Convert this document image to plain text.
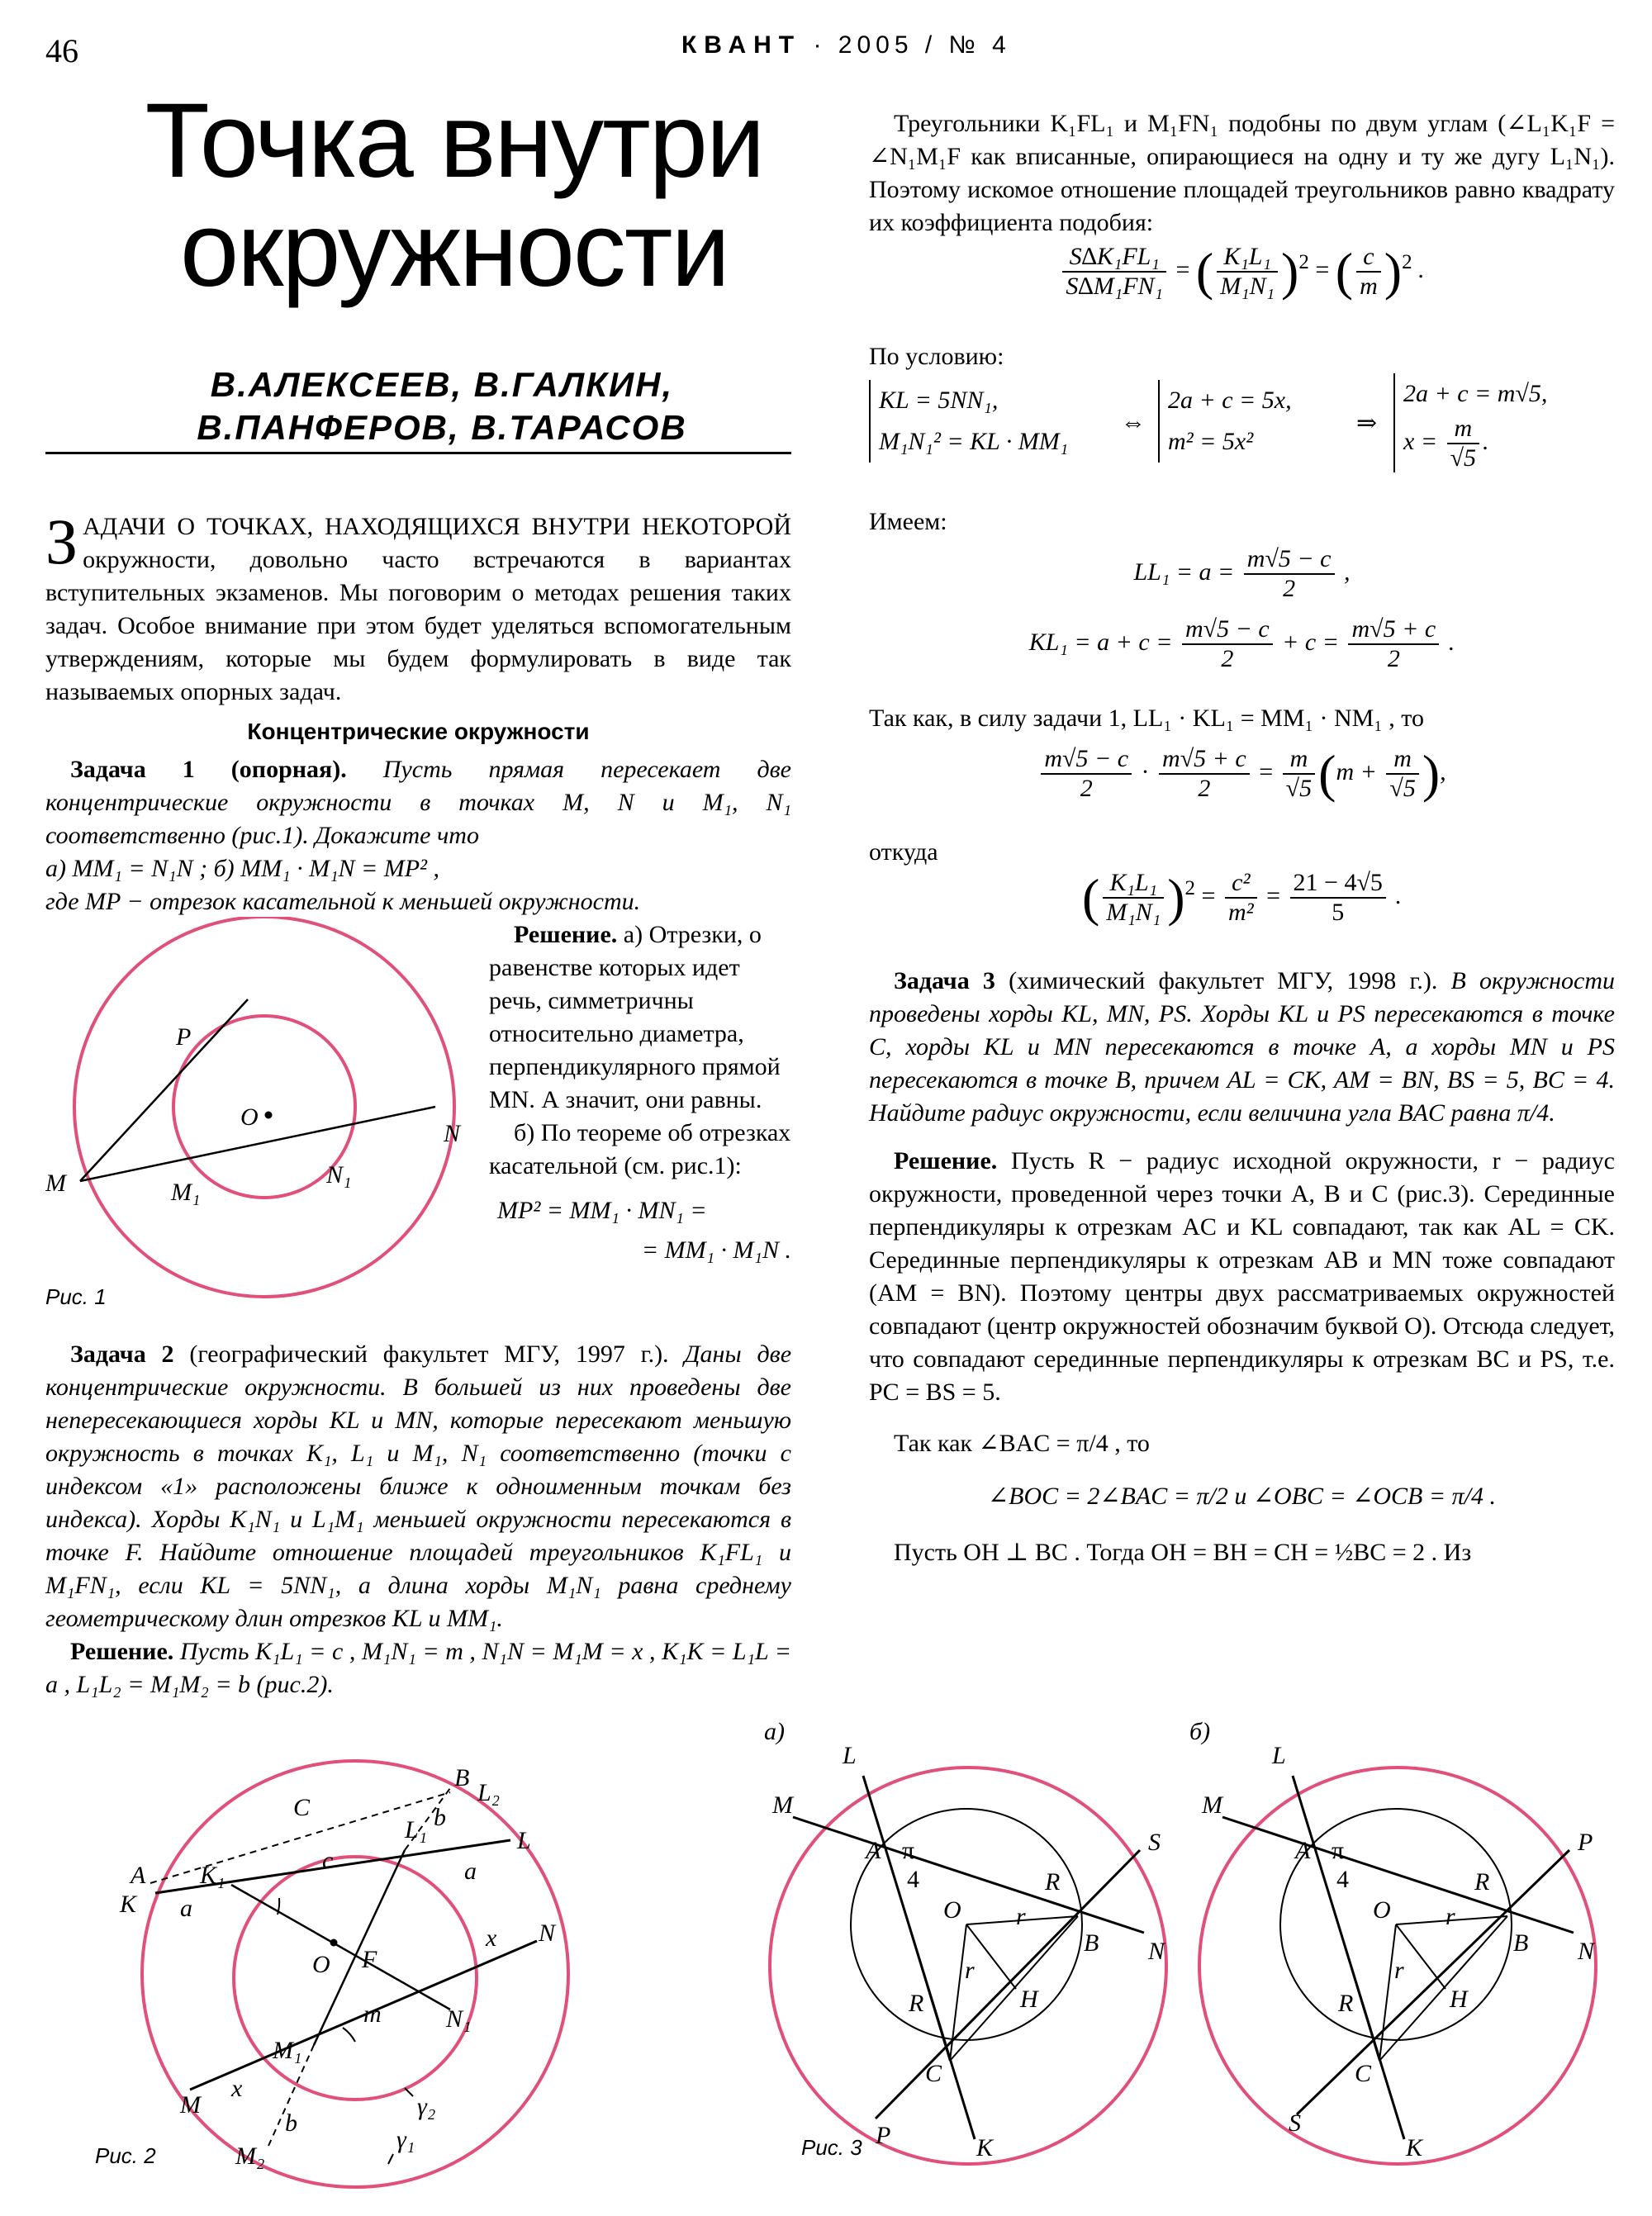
46	КВАНТ · 2005 / № 4
Точка внутри
окружности
В.АЛЕКСЕЕВ, В.ГАЛКИН,
В.ПАНФЕРОВ, В.ТАРАСОВ
ЗАДАЧИ О ТОЧКАХ, НАХОДЯЩИХСЯ ВНУТРИ НЕКОТОРОЙ окружности, довольно часто встречаются в вариантах вступительных экзаменов. Мы поговорим о методах решения таких задач. Особое внимание при этом будет уделяться вспомогательным утверждениям, которые мы будем формулировать в виде так называемых опорных задач.
Концентрические окружности

Задача 1 (опорная). Пусть прямая пересекает две концентрические окружности в точках M, N и M₁, N₁ соответственно (рис.1). Докажите что

а) MM₁ = N₁N ; б) MM₁ · M₁N = MP² ,

где MP − отрезок касательной к меньшей окружности.

Решение. а) Отрезки, о равенстве которых идет речь, симметричны относительно диаметра, перпендикулярного прямой MN. А значит, они равны.

б) По теореме об отрезках касательной (см. рис.1):

MP² = MM₁ · MN₁ =

= MM₁ · M₁N .

P
O
M	M₁
N₁
N
Рис. 1

Задача 2 (географический факультет МГУ, 1997 г.). Даны две концентрические окружности. В большей из них проведены две непересекающиеся хорды KL и MN, которые пересекают меньшую окружность в точках K₁, L₁ и M₁, N₁ соответственно (точки с индексом «1» расположены ближе к одноименным точкам без индекса). Хорды K₁N₁ и L₁M₁ меньшей окружности пересекаются в точке F. Найдите отношение площадей треугольников K₁FL₁ и M₁FN₁, если KL = 5NN₁, а длина хорды M₁N₁ равна среднему геометрическому длин отрезков KL и MM₁.

Решение. Пусть K₁L₁ = c , M₁N₁ = m , N₁N = M₁M = x , K₁K = L₁L = a , L₁L₂ = M₁M₂ = b (рис.2).

B
L₂
C	b
L₁
A K₁
c
L
K a
a
F
O
x N
m	N₁
M₁
x
γ₂
b
γ₁
M
M₂
Рис. 2

Треугольники K₁FL₁ и M₁FN₁ подобны по двум углам (∠L₁K₁F = ∠N₁M₁F как вписанные, опирающиеся на одну и ту же дугу L₁N₁). Поэтому искомое отношение площадей треугольников равно квадрату их коэффициента подобия:

$\frac{\text{S∆K₁FL₁}}{\text{S∆M₁FN₁}}$ = ( $\frac{\text{K₁L₁}}{\text{M₁N₁}} )^2$ = ( $\frac{c}{m} )^2$ .
По условию:
KL = 5NN₁,
M₁N₁² = KL · MM₁
⇔
2a + c = 5x,
m² = 5x²
⇒
2a + c = m√5,
$x = \frac{m}{√5}$ .
Имеем:
$LL_1 = a = \frac{m√5 - c}{2}$ ,
$KL_1 = a + c = \frac{m√5 - c}{2} + c = \frac{m√5 + c}{2}$ .
Так как, в силу задачи 1, LL₁ · KL₁ = MM₁ · NM₁ , то
$\frac{m√5 - c}{2} \cdot \frac{m√5 + c}{2} = \frac{m}{√5} (m + \frac{m}{√5}$ ),
откуда
( $\frac{\text{K₁L₁}}{\text{M₁N₁}} )^2 = \frac{\text{c²}}{\text{m²}} = \frac{21 - 4√5}{5}$ .

Задача 3 (химический факультет МГУ, 1998 г.). В окружности проведены хорды KL, MN, PS. Хорды KL и PS пересекаются в точке C, хорды KL и MN пересекаются в точке A, а хорды MN и PS пересекаются в точке B, причем AL = CK, AM = BN, BS = 5, BC = 4. Найдите радиус окружности, если величина угла BAC равна π/4.

Решение. Пусть R − радиус исходной окружности, r − радиус окружности, проведенной через точки A, B и C (рис.3). Серединные перпендикуляры к отрезкам AC и KL совпадают, так как AL = CK. Серединные перпендикуляры к отрезкам AB и MN тоже совпадают (AM = BN). Поэтому центры двух рассматриваемых окружностей совпадают (центр окружностей обозначим буквой O). Отсюда следует, что совпадают серединные перпендикуляры к отрезкам BC и PS, т.е. PC = BS = 5.

Так как ∠BAC = π/4 , то

∠BOC = 2∠BAC = π/2 и ∠OBC = ∠OCB = π/4 .

Пусть OH ⊥ BC . Тогда OH = BH = CH = ½BC = 2 . Из

а)	б)
L
M
A π
4	R
S
O r
B N
r
H
R
C
P	K
Рис. 3
L
M
A π
4	R
P
O r
B N
r
H
R
C
S
K
